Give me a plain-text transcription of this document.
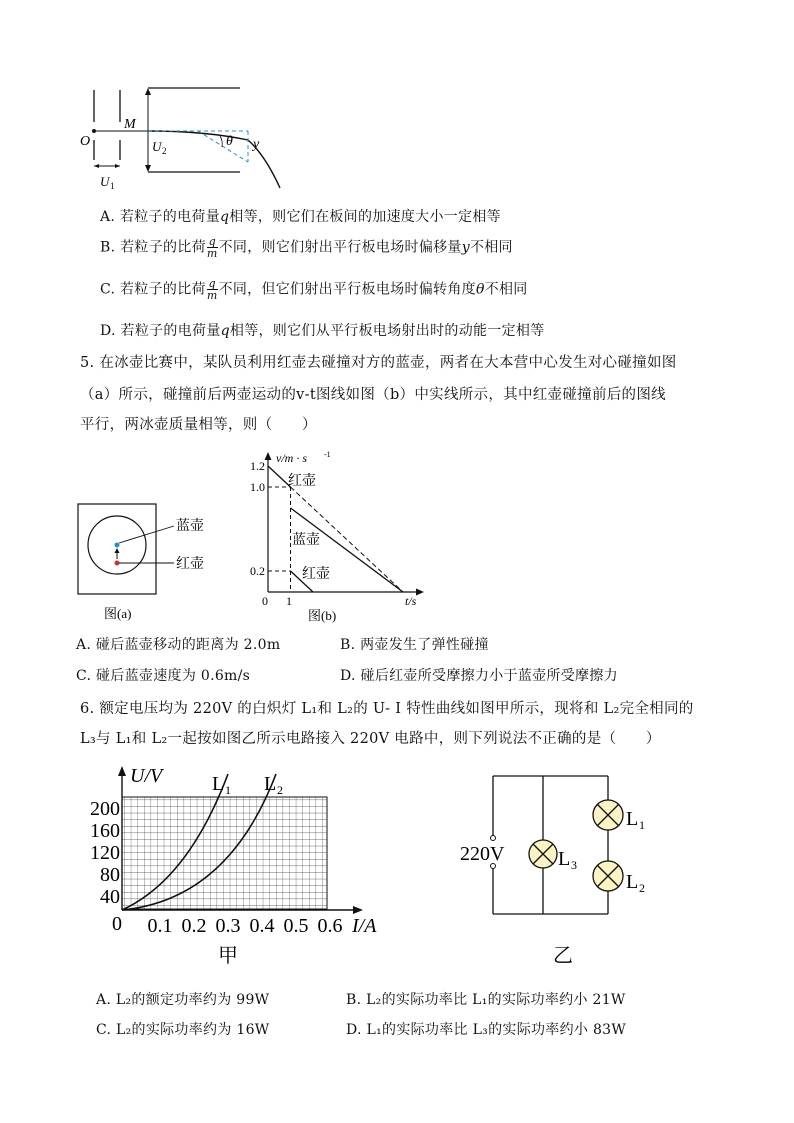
O
M
θ y
U 2
U 1
A. 若粒子的电荷量q相等，则它们在板间的加速度大小一定相等
B. 若粒子的比荷 $\frac{q}{m}$ 不同，则它们射出平行板电场时偏移量y不相同
C. 若粒子的比荷 $\frac{q}{m}$ 不同，但它们射出平行板电场时偏转角度θ不相同
D. 若粒子的电荷量q相等，则它们从平行板电场射出时的动能一定相等
5. 在冰壶比赛中，某队员利用红壶去碰撞对方的蓝壶，两者在大本营中心发生对心碰撞如图
（a）所示，碰撞前后两壶运动的v-t图线如图（b）中实线所示，其中红壶碰撞前后的图线
平行，两冰壶质量相等，则（　　）
蓝壶
红壶
图(a)
0.2
1.0
1.2
v/m · s -1
t/s
0 1
红壶
蓝壶
红壶
图(b)
A. 碰后蓝壶移动的距离为 2.0m	B. 两壶发生了弹性碰撞
C. 碰后蓝壶速度为 0.6m/s	D. 碰后红壶所受摩擦力小于蓝壶所受摩擦力
6. 额定电压均为 220V 的白炽灯 L₁和 L₂的 U- I 特性曲线如图甲所示，现将和 L₂完全相同的
L₃与 L₁和 L₂一起按如图乙所示电路接入 220V 电路中，则下列说法不正确的是（　　）
U/V L 1 L 2
200
160
120
80
40
0 0.1 0.2 0.3 0.4 0.5 0.6 I/A
甲
220V	L 3
L 1
L 2
乙
A. L₂的额定功率约为 99W	B. L₂的实际功率比 L₁的实际功率约小 21W
C. L₂的实际功率约为 16W	D. L₁的实际功率比 L₃的实际功率约小 83W
